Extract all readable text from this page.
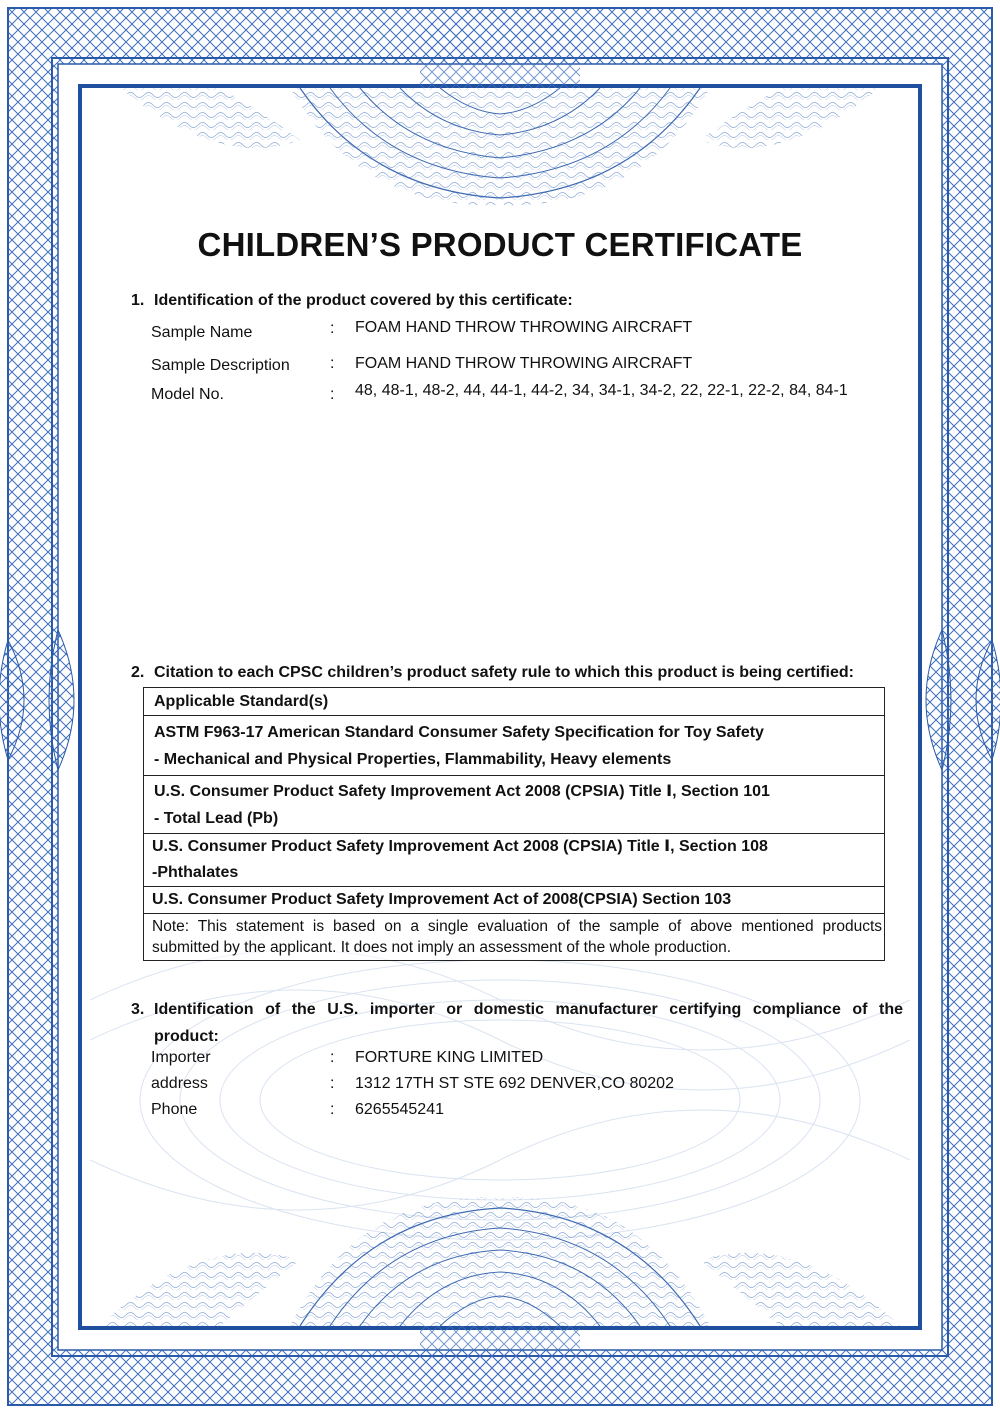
CHILDREN’S PRODUCT CERTIFICATE
1. Identification of the product covered by this certificate:
Sample Name	: FOAM HAND THROW THROWING AIRCRAFT
Sample Description	: FOAM HAND THROW THROWING AIRCRAFT
Model No.	: 48, 48-1, 48-2, 44, 44-1, 44-2, 34, 34-1, 34-2, 22, 22-1, 22-2, 84, 84-1
2. Citation to each CPSC children’s product safety rule to which this product is being certified:
Applicable Standard(s)

ASTM F963-17 American Standard Consumer Safety Specification for Toy Safety
- Mechanical and Physical Properties, Flammability, Heavy elements

U.S. Consumer Product Safety Improvement Act 2008 (CPSIA) Title Ⅰ, Section 101
- Total Lead (Pb)

U.S. Consumer Product Safety Improvement Act 2008 (CPSIA) Title Ⅰ, Section 108
-Phthalates

U.S. Consumer Product Safety Improvement Act of 2008(CPSIA) Section 103
Note: This statement is based on a single evaluation of the sample of above mentioned products submitted by the applicant. It does not imply an assessment of the whole production.
3. Identification of the U.S. importer or domestic manufacturer certifying compliance of the
product:
Importer	: FORTURE KING LIMITED
address	: 1312 17TH ST STE 692 DENVER,CO 80202
Phone	: 6265545241
